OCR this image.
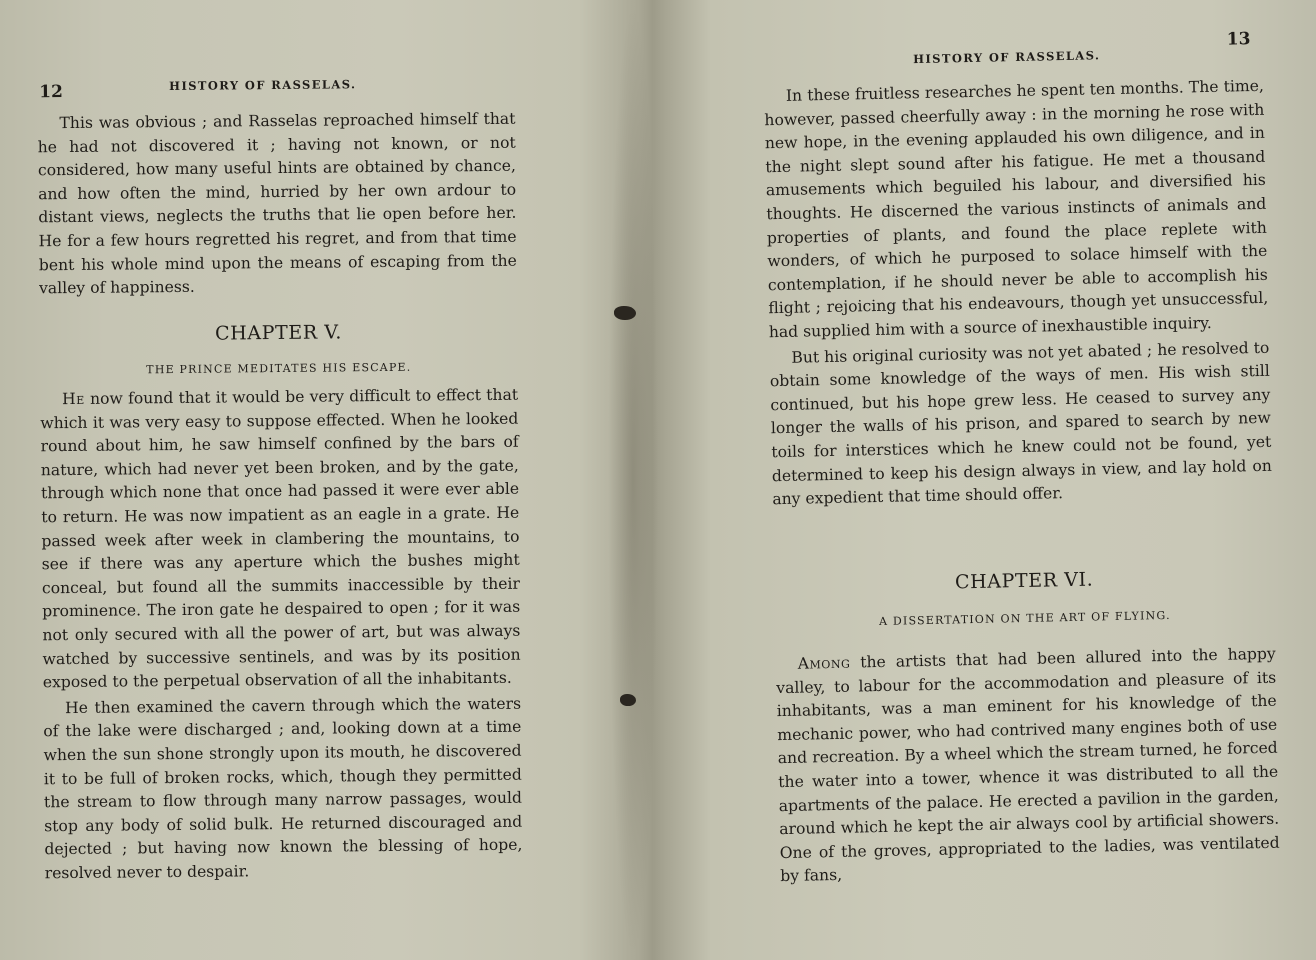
12	HISTORY OF RASSELAS.

This was obvious ; and Rasselas reproached himself that he had not discovered it ; having not known, or not considered, how many useful hints are obtained by chance, and how often the mind, hurried by her own ardour to distant views, neglects the truths that lie open before her. He for a few hours regretted his regret, and from that time bent his whole mind upon the means of escaping from the valley of happiness.

CHAPTER V.

THE PRINCE MEDITATES HIS ESCAPE.

He now found that it would be very difficult to effect that which it was very easy to suppose effected. When he looked round about him, he saw himself confined by the bars of nature, which had never yet been broken, and by the gate, through which none that once had passed it were ever able to return. He was now impatient as an eagle in a grate. He passed week after week in clambering the mountains, to see if there was any aperture which the bushes might conceal, but found all the summits inaccessible by their prominence. The iron gate he despaired to open ; for it was not only secured with all the power of art, but was always watched by successive sentinels, and was by its position exposed to the perpetual observation of all the inhabitants.

He then examined the cavern through which the waters of the lake were discharged ; and, looking down at a time when the sun shone strongly upon its mouth, he discovered it to be full of broken rocks, which, though they permitted the stream to flow through many narrow passages, would stop any body of solid bulk. He returned discouraged and dejected ; but having now known the blessing of hope, resolved never to despair.

HISTORY OF RASSELAS.
13

In these fruitless researches he spent ten months. The time, however, passed cheerfully away : in the morning he rose with new hope, in the evening applauded his own diligence, and in the night slept sound after his fatigue. He met a thousand amusements which beguiled his labour, and diversified his thoughts. He discerned the various instincts of animals and properties of plants, and found the place replete with wonders, of which he purposed to solace himself with the contemplation, if he should never be able to accomplish his flight ; rejoicing that his endeavours, though yet unsuccessful, had supplied him with a source of inexhaustible inquiry.

But his original curiosity was not yet abated ; he resolved to obtain some knowledge of the ways of men. His wish still continued, but his hope grew less. He ceased to survey any longer the walls of his prison, and spared to search by new toils for interstices which he knew could not be found, yet determined to keep his design always in view, and lay hold on any expedient that time should offer.

CHAPTER VI.

A DISSERTATION ON THE ART OF FLYING.

Among the artists that had been allured into the happy valley, to labour for the accommodation and pleasure of its inhabitants, was a man eminent for his knowledge of the mechanic power, who had contrived many engines both of use and recreation. By a wheel which the stream turned, he forced the water into a tower, whence it was distributed to all the apartments of the palace. He erected a pavilion in the garden, around which he kept the air always cool by artificial showers. One of the groves, appropriated to the ladies, was ventilated by fans,
